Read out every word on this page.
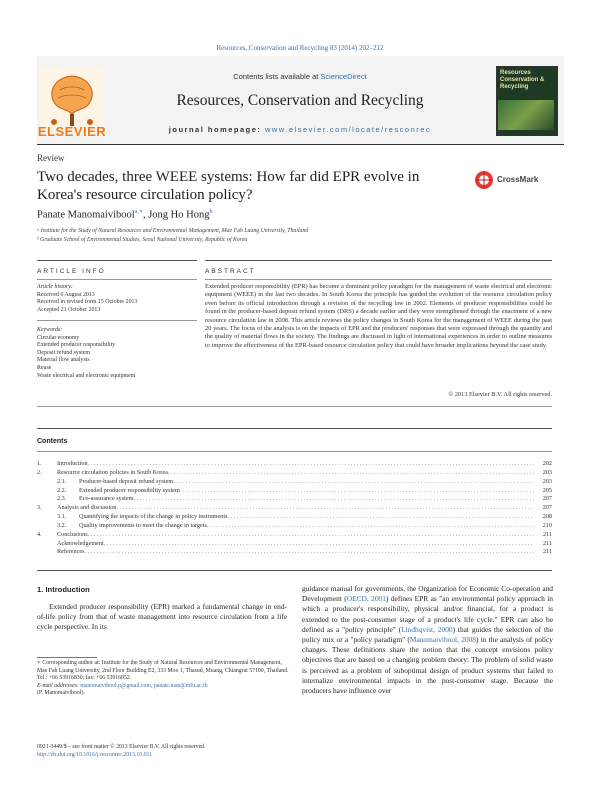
Resources, Conservation and Recycling 83 (2014) 202–212
ELSEVIER
Contents lists available at ScienceDirect
Resources, Conservation and Recycling
journal homepage: www.elsevier.com/locate/resconrec
Resources Conservation & Recycling
Review
Two decades, three WEEE systems: How far did EPR evolve in Korea's resource circulation policy?
CrossMark
Panate Manomaivibool$^{a,∗}$, Jong Ho Hong$^b$
ᵃ Institute for the Study of Natural Resources and Environmental Management, Mae Fah Luang University, Thailand
ᵇ Graduate School of Environmental Studies, Seoul National University, Republic of Korea
ARTICLE INFO	ABSTRACT
Article history:
Received 6 August 2013
Received in revised form 15 October 2013
Accepted 21 October 2013
Keywords:
Circular economy
Extended producer responsibility
Deposit refund system
Material flow analysis
Reuse
Waste electrical and electronic equipment
Extended producer responsibility (EPR) has become a dominant policy paradigm for the management of waste electrical and electronic equipment (WEEE) in the last two decades. In South Korea the principle has guided the evolution of the resource circulation policy even before its official introduction through a revision of the recycling law in 2002. Elements of producer responsibilities could be found in the producer-based deposit refund system (DRS) a decade earlier and they were strengthened through the enactment of a new resource circulation law in 2008. This article reviews the policy changes in South Korea for the management of WEEE during the past 20 years. The focus of the analysis is on the impacts of EPR and the producers' responses that were expressed through the quantity and the quality of material flows in the society. The findings are discussed in light of international experiences in order to outline measures to improve the effectiveness of the EPR-based resource circulation policy that could have broader implications beyond the case study.
© 2013 Elsevier B.V. All rights reserved.
Contents
1.	Introduction . . .	202
2.	Resource circulation policies in South Korea . . .	203
2.1.	Producer-based deposit refund system . . .	203
2.2.	Extended producer responsibility system . . .	205
2.3.	Eco-assurance system . . .	207
3.	Analysis and discussion . . .	207
3.1.	Quantifying the impacts of the change in policy instruments . . .	208
3.2.	Quality improvements to meet the change in targets . . .	210
4.	Conclusions . . .	211
Acknowledgement . . .	211
References . . .	211
1. Introduction
Extended producer responsibility (EPR) marked a fundamental change in end-of-life policy from that of waste management into resource circulation from a life cycle perspective. In its
guidance manual for governments, the Organization for Economic Co-operation and Development (OECD, 2001) defines EPR as "an environmental policy approach in which a producer's responsibility, physical and/or financial, for a product is extended to the post-consumer stage of a product's life cycle." EPR can also be defined as a "policy principle" (Lindhqvist, 2000) that guides the selection of the policy mix or a "policy paradigm" (Manomaivibool, 2008) in the analysis of policy changes. These definitions share the notion that the concept envisions policy objectives that are based on a changing problem theory: The problem of solid waste is perceived as a problem of suboptimal design of product systems that failed to internalize environmental impacts in the post-consumer stage. Because the producers have influence over
∗ Corresponding author at: Institute for the Study of Natural Resources and Environmental Management, Mae Fah Luang University, 2nd Floor Building E2, 333 Moo 1, Thasud, Muang, Chiangrai 57100, Thailand. Tel.: +66 53916830; fax: +66 53916852.
E-mail addresses: manomaivibool.p@gmail.com, panate.man@mfu.ac.th
(P. Manomaivibool).
0921-3449/$ – see front matter © 2013 Elsevier B.V. All rights reserved.
http://dx.doi.org/10.1016/j.resconrec.2013.10.011
